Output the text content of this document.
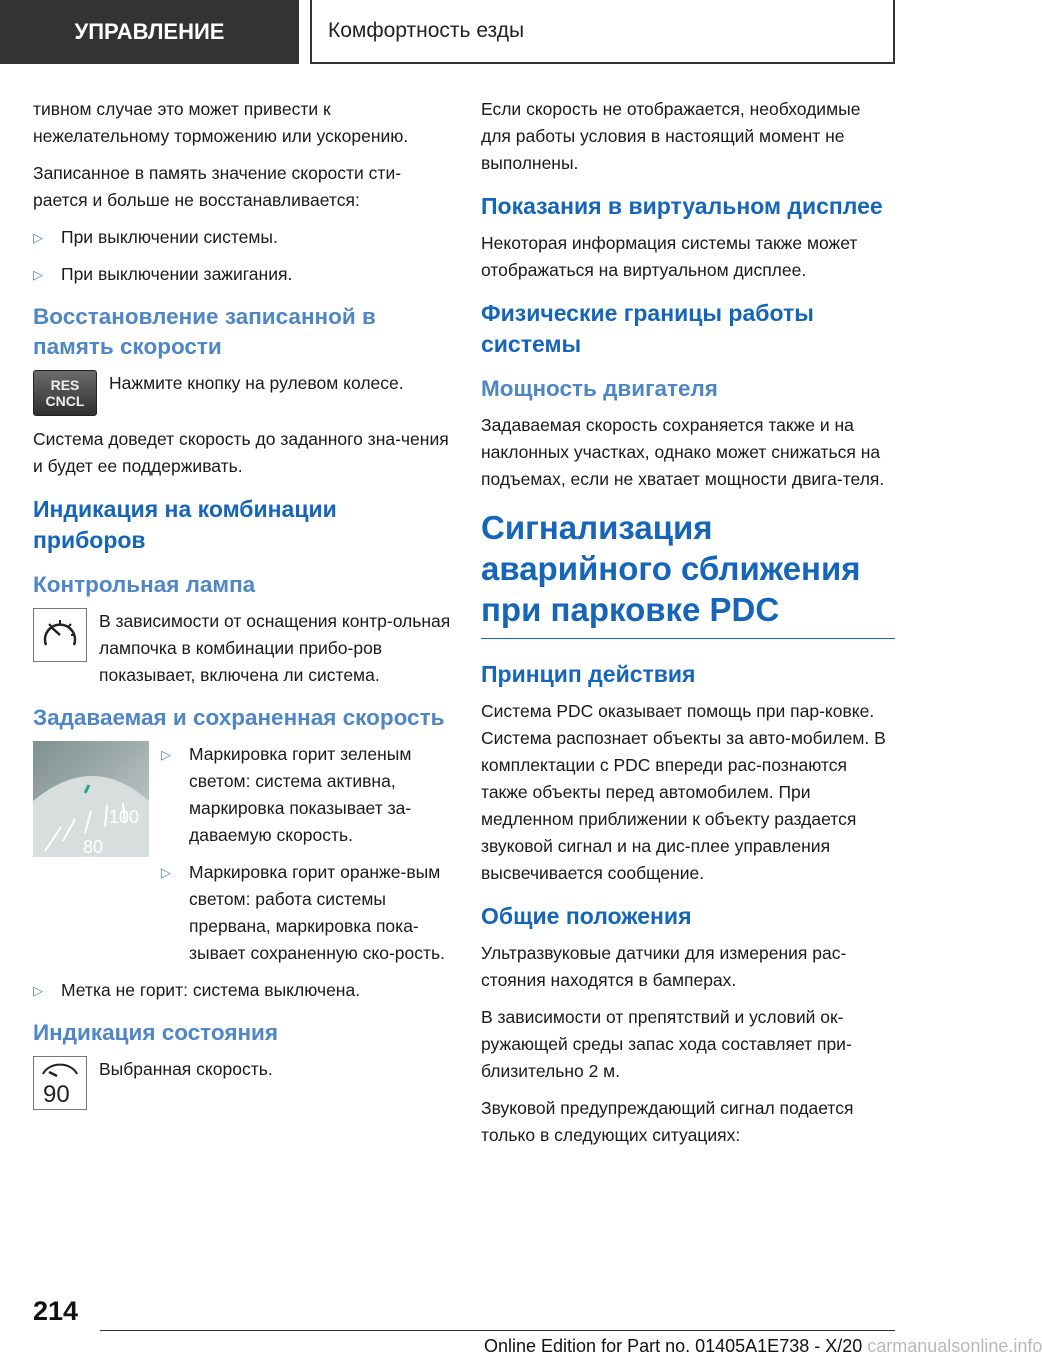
УПРАВЛЕНИЕ	Комфортность езды

тивном случае это может привести к нежелательному торможению или ускорению.

Записанное в память значение скорости сти-рается и больше не восстанавливается:

▷	При выключении системы.
▷	При выключении зажигания.
Восстановление записанной в память скорости
RES
CNCL

Нажмите кнопку на рулевом колесе.

Система доведет скорость до заданного зна-чения и будет ее поддерживать.

Индикация на комбинации приборов
Контрольная лампа

В зависимости от оснащения контр-ольная лампочка в комбинации прибо-ров показывает, включена ли система.

Задаваемая и сохраненная скорость
100
80
▷	Маркировка горит зеленым светом: система активна, маркировка показывает за-даваемую скорость.
▷	Маркировка горит оранже-вым светом: работа системы прервана, маркировка пока-зывает сохраненную ско-рость.
▷	Метка не горит: система выключена.
Индикация состояния
90

Выбранная скорость.

Если скорость не отображается, необходимые для работы условия в настоящий момент не выполнены.

Показания в виртуальном дисплее

Некоторая информация системы также может отображаться на виртуальном дисплее.

Физические границы работы системы
Мощность двигателя

Задаваемая скорость сохраняется также и на наклонных участках, однако может снижаться на подъемах, если не хватает мощности двига-теля.

Сигнализация аварийного сближения при парковке PDC
Принцип действия

Система PDC оказывает помощь при пар-ковке. Система распознает объекты за авто-мобилем. В комплектации с PDC впереди рас-познаются также объекты перед автомобилем. При медленном приближении к объекту раздается звуковой сигнал и на дис-плее управления высвечивается сообщение.

Общие положения

Ультразвуковые датчики для измерения рас-стояния находятся в бамперах.

В зависимости от препятствий и условий ок-ружающей среды запас хода составляет при-близительно 2 м.

Звуковой предупреждающий сигнал подается только в следующих ситуациях:

214
Online Edition for Part no. 01405A1E738 - X/20 carmanualsonline.info
